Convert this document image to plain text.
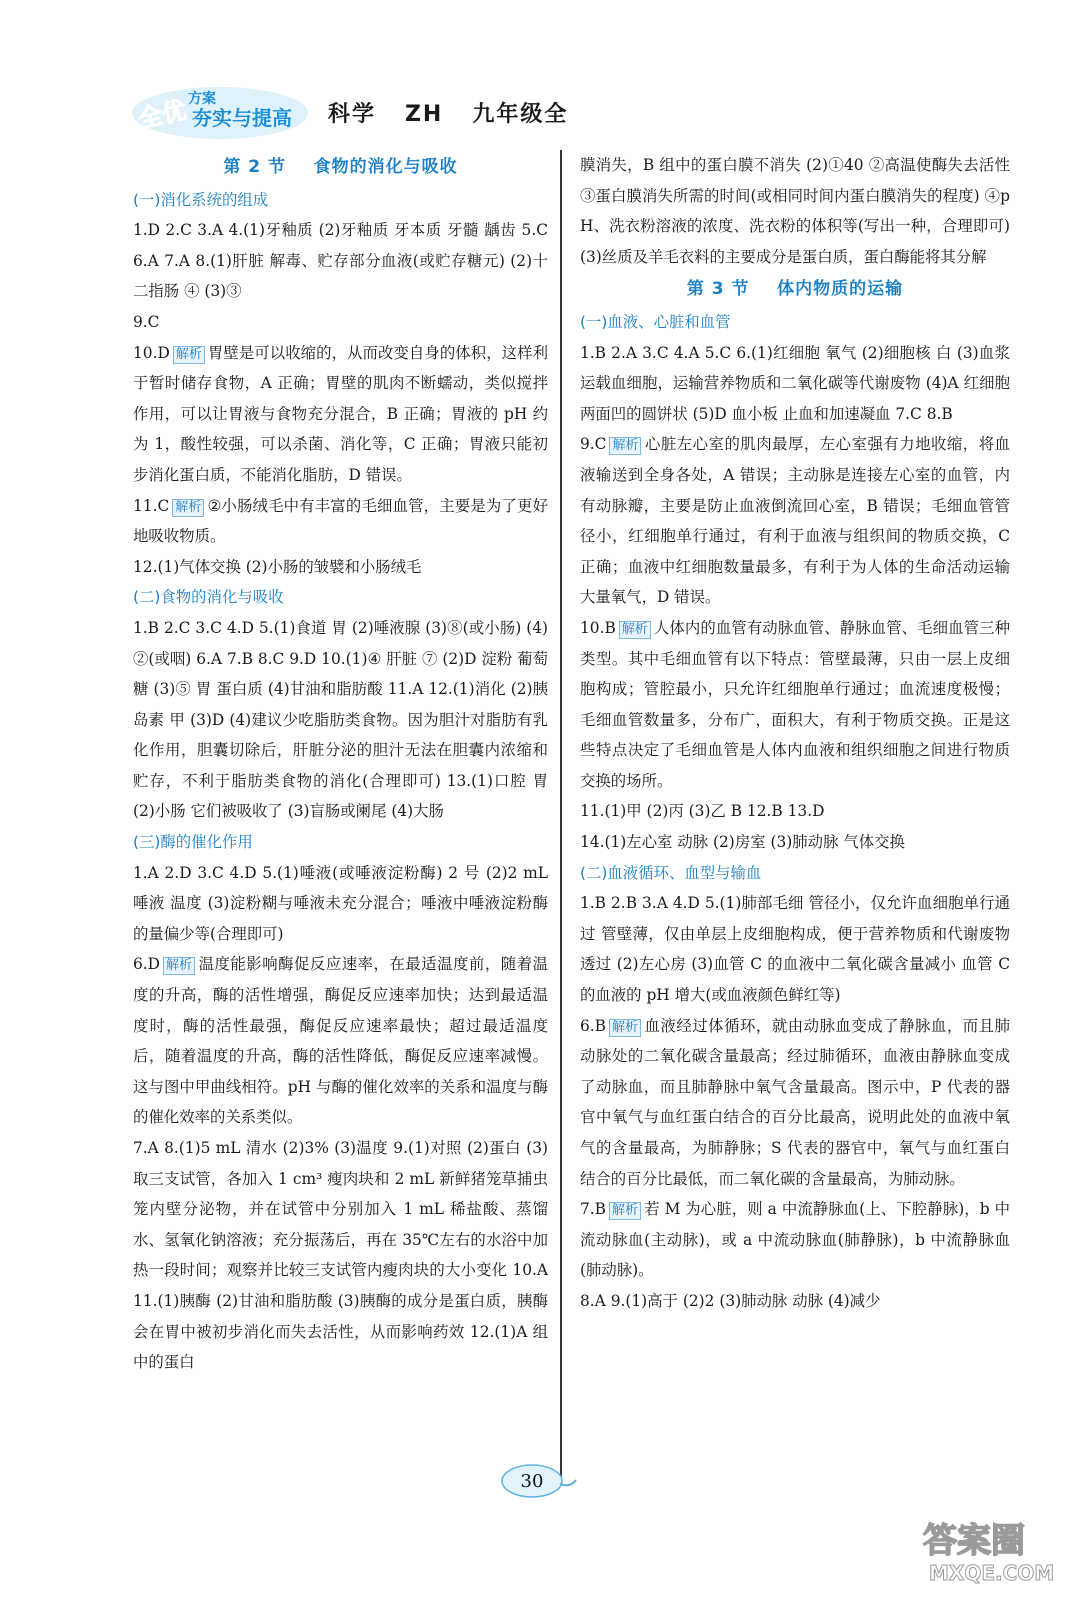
全优 方案
夯实与提高 科学   ZH   九年级全
第 2 节    食物的消化与吸收
(一)消化系统的组成
1.D 2.C 3.A 4.(1)牙釉质 (2)牙釉质 牙本质 牙髓 龋齿 5.C 6.A 7.A 8.(1)肝脏 解毒、贮存部分血液(或贮存糖元) (2)十二指肠 ④ (3)③
9.C
10.D 解析 胃壁是可以收缩的，从而改变自身的体积，这样利于暂时储存食物，A 正确；胃壁的肌肉不断蠕动，类似搅拌作用，可以让胃液与食物充分混合，B 正确；胃液的 pH 约为 1，酸性较强，可以杀菌、消化等，C 正确；胃液只能初步消化蛋白质，不能消化脂肪，D 错误。
11.C 解析 ②小肠绒毛中有丰富的毛细血管，主要是为了更好地吸收物质。
12.(1)气体交换 (2)小肠的皱襞和小肠绒毛
(二)食物的消化与吸收
1.B 2.C 3.C 4.D 5.(1)食道 胃 (2)唾液腺 (3)⑧(或小肠) (4)②(或咽) 6.A 7.B 8.C 9.D 10.(1)④ 肝脏 ⑦ (2)D 淀粉 葡萄糖 (3)⑤ 胃 蛋白质 (4)甘油和脂肪酸 11.A 12.(1)消化 (2)胰岛素 甲 (3)D (4)建议少吃脂肪类食物。因为胆汁对脂肪有乳化作用，胆囊切除后，肝脏分泌的胆汁无法在胆囊内浓缩和贮存，不利于脂肪类食物的消化(合理即可) 13.(1)口腔 胃 (2)小肠 它们被吸收了 (3)盲肠或阑尾 (4)大肠
(三)酶的催化作用
1.A 2.D 3.C 4.D 5.(1)唾液(或唾液淀粉酶) 2 号 (2)2 mL 唾液 温度 (3)淀粉糊与唾液未充分混合；唾液中唾液淀粉酶的量偏少等(合理即可)
6.D 解析 温度能影响酶促反应速率，在最适温度前，随着温度的升高，酶的活性增强，酶促反应速率加快；达到最适温度时，酶的活性最强，酶促反应速率最快；超过最适温度后，随着温度的升高，酶的活性降低，酶促反应速率减慢。这与图中甲曲线相符。pH 与酶的催化效率的关系和温度与酶的催化效率的关系类似。
7.A 8.(1)5 mL 清水 (2)3% (3)温度 9.(1)对照 (2)蛋白 (3)取三支试管，各加入 1 cm³ 瘦肉块和 2 mL 新鲜猪笼草捕虫笼内壁分泌物，并在试管中分别加入 1 mL 稀盐酸、蒸馏水、氢氧化钠溶液；充分振荡后，再在 35℃左右的水浴中加热一段时间；观察并比较三支试管内瘦肉块的大小变化 10.A 11.(1)胰酶 (2)甘油和脂肪酸 (3)胰酶的成分是蛋白质，胰酶会在胃中被初步消化而失去活性，从而影响药效 12.(1)A 组中的蛋白
膜消失，B 组中的蛋白膜不消失 (2)①40 ②高温使酶失去活性 ③蛋白膜消失所需的时间(或相同时间内蛋白膜消失的程度) ④pH、洗衣粉溶液的浓度、洗衣粉的体积等(写出一种，合理即可) (3)丝质及羊毛衣料的主要成分是蛋白质，蛋白酶能将其分解
第 3 节    体内物质的运输
(一)血液、心脏和血管
1.B 2.A 3.C 4.A 5.C 6.(1)红细胞 氧气 (2)细胞核 白 (3)血浆 运载血细胞，运输营养物质和二氧化碳等代谢废物 (4)A 红细胞 两面凹的圆饼状 (5)D 血小板 止血和加速凝血 7.C 8.B
9.C 解析 心脏左心室的肌肉最厚，左心室强有力地收缩，将血液输送到全身各处，A 错误；主动脉是连接左心室的血管，内有动脉瓣，主要是防止血液倒流回心室，B 错误；毛细血管管径小，红细胞单行通过，有利于血液与组织间的物质交换，C 正确；血液中红细胞数量最多，有利于为人体的生命活动运输大量氧气，D 错误。
10.B 解析 人体内的血管有动脉血管、静脉血管、毛细血管三种类型。其中毛细血管有以下特点：管壁最薄，只由一层上皮细胞构成；管腔最小，只允许红细胞单行通过；血流速度极慢；毛细血管数量多，分布广，面积大，有利于物质交换。正是这些特点决定了毛细血管是人体内血液和组织细胞之间进行物质交换的场所。
11.(1)甲 (2)丙 (3)乙 B 12.B 13.D
14.(1)左心室 动脉 (2)房室 (3)肺动脉 气体交换
(二)血液循环、血型与输血
1.B 2.B 3.A 4.D 5.(1)肺部毛细 管径小，仅允许血细胞单行通过 管壁薄，仅由单层上皮细胞构成，便于营养物质和代谢废物透过 (2)左心房 (3)血管 C 的血液中二氧化碳含量减小 血管 C 的血液的 pH 增大(或血液颜色鲜红等)
6.B 解析 血液经过体循环，就由动脉血变成了静脉血，而且肺动脉处的二氧化碳含量最高；经过肺循环，血液由静脉血变成了动脉血，而且肺静脉中氧气含量最高。图示中，P 代表的器官中氧气与血红蛋白结合的百分比最高，说明此处的血液中氧气的含量最高，为肺静脉；S 代表的器官中，氧气与血红蛋白结合的百分比最低，而二氧化碳的含量最高，为肺动脉。
7.B 解析 若 M 为心脏，则 a 中流静脉血(上、下腔静脉)，b 中流动脉血(主动脉)，或 a 中流动脉血(肺静脉)，b 中流静脉血(肺动脉)。
8.A 9.(1)高于 (2)2 (3)肺动脉 动脉 (4)减少
30
答案圈
MXQE.COM
